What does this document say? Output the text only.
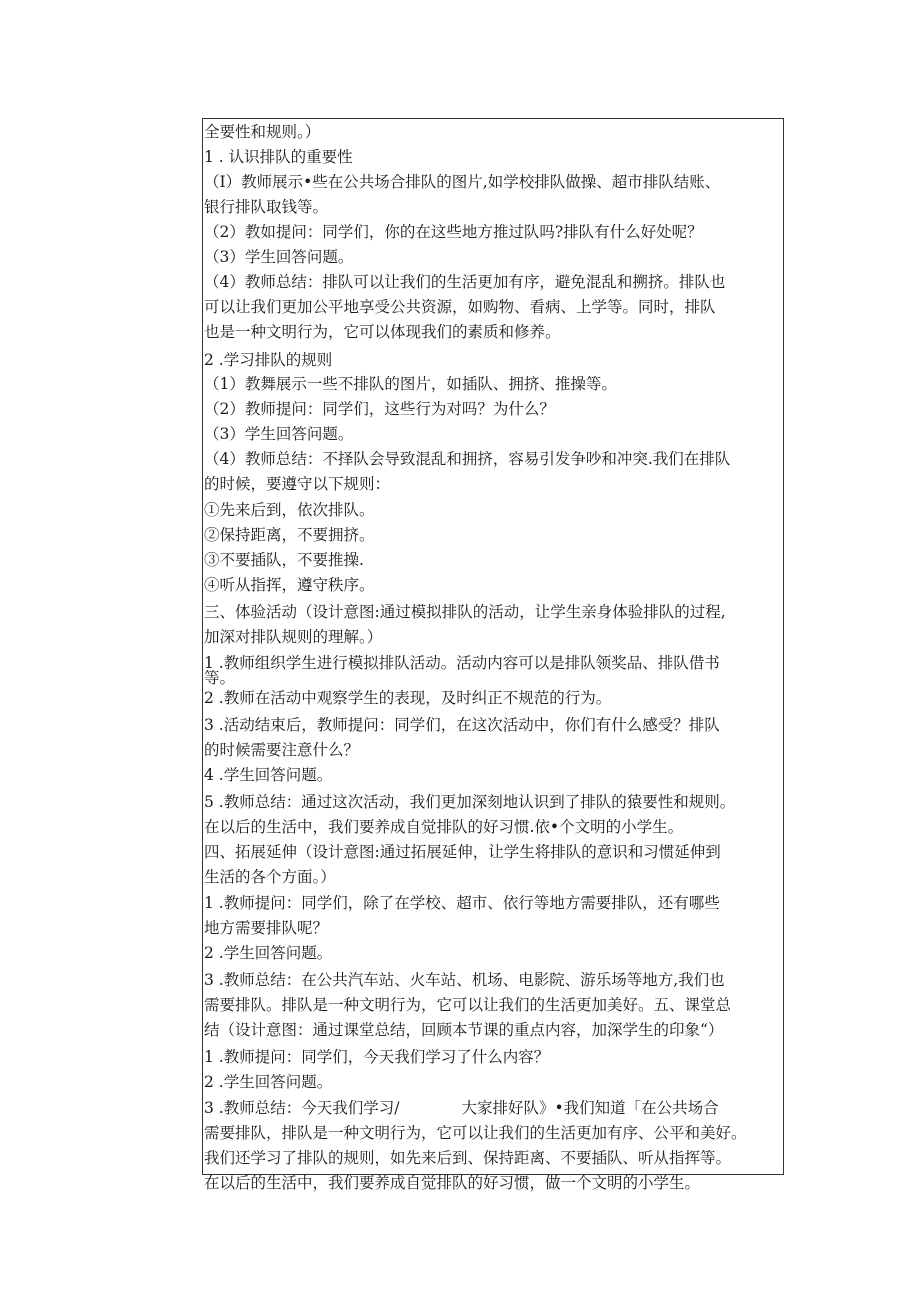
全要性和规则。）
1 . 认识排队的重要性
（I）教师展示•些在公共场合排队的图片,如学校排队做操、超市排队结账、
银行排队取钱等。
（2）教如提问：同学们，你的在这些地方推过队吗?排队有什么好处呢？
（3）学生回答问题。
（4）教师总结：排队可以让我们的生活更加有序，避免混乱和搠挤。排队也
可以让我们更加公平地享受公共资源，如购物、看病、上学等。同时，排队
也是一种文明行为，它可以体现我们的素质和修养。
2 .学习排队的规则
（1）教舞展示一些不排队的图片，如插队、拥挤、推操等。
（2）教师提问：同学们，这些行为对吗？为什么？
（3）学生回答问题。
（4）教师总结：不择队会导致混乱和拥挤，容易引发争吵和冲突.我们在排队
的时候，要遵守以下规则：
①先来后到，依次排队。
②保持距离，不要拥挤。
③不要插队，不要推操.
④听从指挥，遵守秩序。
三、体验活动（设计意图:通过模拟排队的活动，让学生亲身体验排队的过程,
加深对排队规则的理解。）
1 .教师组织学生进行模拟排队活动。活动内容可以是排队领奖品、排队借书
等。
2 .教师在活动中观察学生的表现，及时纠正不规范的行为。
3 .活动结束后，教师提问：同学们，在这次活动中，你们有什么感受？排队
的时候需要注意什么？
4 .学生回答问题。
5 .教师总结：通过这次活动，我们更加深刻地认识到了排队的猿要性和规则。
在以后的生活中，我们要养成自觉排队的好习惯.依•个文明的小学生。
四、拓展延伸（设计意图:通过拓展延伸，让学生将排队的意识和习惯延伸到
生活的各个方面。）
1 .教师提问：同学们，除了在学校、超市、依行等地方需要排队，还有哪些
地方需要排队呢？
2 .学生回答问题。
3 .教师总结：在公共汽车站、火车站、机场、电影院、游乐场等地方,我们也
需要排队。排队是一种文明行为，它可以让我们的生活更加美好。五、课堂总
结（设计意图：通过课堂总结，回顾本节课的重点内容，加深学生的印象“）
1 .教师提问：同学们，今天我们学习了什么内容？
2 .学生回答问题。
3 .教师总结：今天我们学习/　　　　大家排好队》•我们知道「在公共场合
需要排队，排队是一种文明行为，它可以让我们的生活更加有序、公平和美好。
我们还学习了排队的规则，如先来后到、保持距离、不要插队、听从指挥等。
在以后的生活中，我们要养成自觉排队的好习惯，做一个文明的小学生。
